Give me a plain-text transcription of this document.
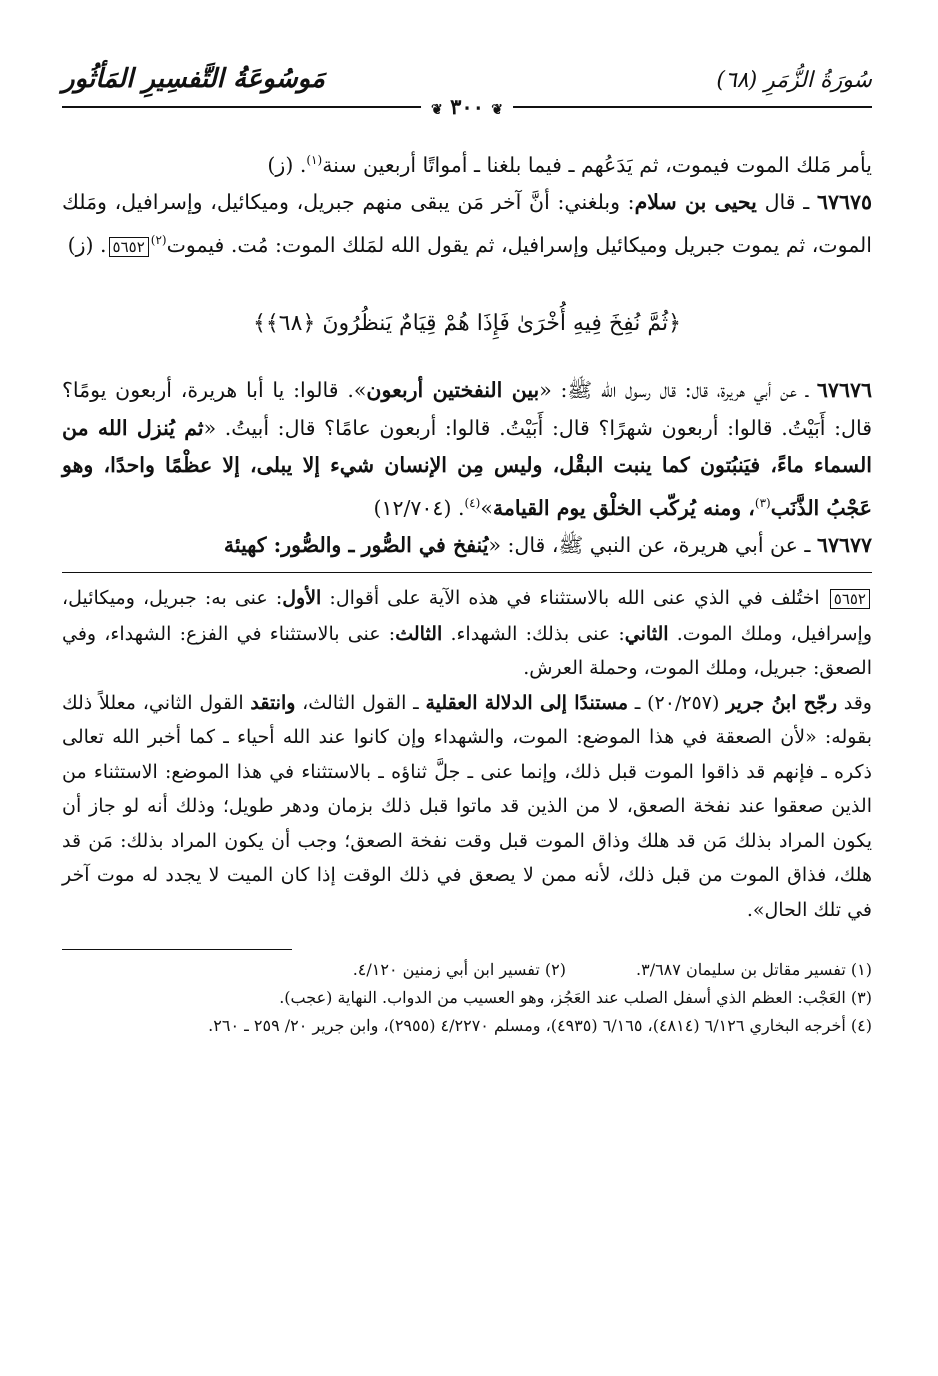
سُورَةُ الزُّمَرِ (٦٨)
مَوسُوعَةُ التَّفسِيرِ المَأثُور
❦ ٣٠٠ ❦

يأمر مَلك الموت فيموت، ثم يَدَعُهم ـ فيما بلغنا ـ أمواتًا أربعين سنة$^{(١)}$. (ز)

٦٧٦٧٥ ـ قال يحيى بن سلام: وبلغني: أنَّ آخر مَن يبقى منهم جبريل، وميكائيل، وإسرافيل، ومَلك الموت، ثم يموت جبريل وميكائيل وإسرافيل، ثم يقول الله لمَلك الموت: مُت. فيموت$^{(٢)}$٥٦٥٢. (ز)

﴿ثُمَّ نُفِخَ فِيهِ أُخْرَىٰ فَإِذَا هُمْ قِيَامٌ يَنظُرُونَ ﴿٦٨﴾﴾

٦٧٦٧٦ ـ عن أبي هريرة، قال: قال رسول الله ﷺ: «بين النفختين أربعون». قالوا: يا أبا هريرة، أربعون يومًا؟ قال: أَبَيْتُ. قالوا: أربعون شهرًا؟ قال: أَبَيْتُ. قالوا: أربعون عامًا؟ قال: أبيتُ. «ثم يُنزل الله من السماء ماءً، فيَنبُتون كما ينبت البقْل، وليس مِن الإنسان شيء إلا يبلى، إلا عظْمًا واحدًا، وهو عَجْبُ الذَّنَب$^{(٣)}$، ومنه يُركّب الخلْق يوم القيامة»$^{(٤)}$. (١٢/٧٠٤)

٦٧٦٧٧ ـ عن أبي هريرة، عن النبي ﷺ، قال: «يُنفخ في الصُّور ـ والصُّور: كهيئة

٥٦٥٢ اختُلف في الذي عنى الله بالاستثناء في هذه الآية على أقوال: الأول: عنى به: جبريل، وميكائيل، وإسرافيل، وملك الموت. الثاني: عنى بذلك: الشهداء. الثالث: عنى بالاستثناء في الفزع: الشهداء، وفي الصعق: جبريل، وملك الموت، وحملة العرش.

وقد رجّح ابنُ جرير (٢٠/٢٥٧) ـ مستندًا إلى الدلالة العقلية ـ القول الثالث، وانتقد القول الثاني، معللاً ذلك بقوله: «لأن الصعقة في هذا الموضع: الموت، والشهداء وإن كانوا عند الله أحياء ـ كما أخبر الله تعالى ذكره ـ فإنهم قد ذاقوا الموت قبل ذلك، وإنما عنى ـ جلَّ ثناؤه ـ بالاستثناء في هذا الموضع: الاستثناء من الذين صعقوا عند نفخة الصعق، لا من الذين قد ماتوا قبل ذلك بزمان ودهر طويل؛ وذلك أنه لو جاز أن يكون المراد بذلك مَن قد هلك وذاق الموت قبل وقت نفخة الصعق؛ وجب أن يكون المراد بذلك: مَن قد هلك، فذاق الموت من قبل ذلك، لأنه ممن لا يصعق في ذلك الوقت إذا كان الميت لا يجدد له موت آخر في تلك الحال».

(١) تفسير مقاتل بن سليمان ٣/٦٨٧.
(٢) تفسير ابن أبي زمنين ٤/١٢٠.

(٣) العَجْب: العظم الذي أسفل الصلب عند العَجُز، وهو العسيب من الدواب. النهاية (عجب).

(٤) أخرجه البخاري ٦/١٢٦ (٤٨١٤)، ٦/١٦٥ (٤٩٣٥)، ومسلم ٤/٢٢٧٠ (٢٩٥٥)، وابن جرير ٢٠/ ٢٥٩ ـ ٢٦٠.
